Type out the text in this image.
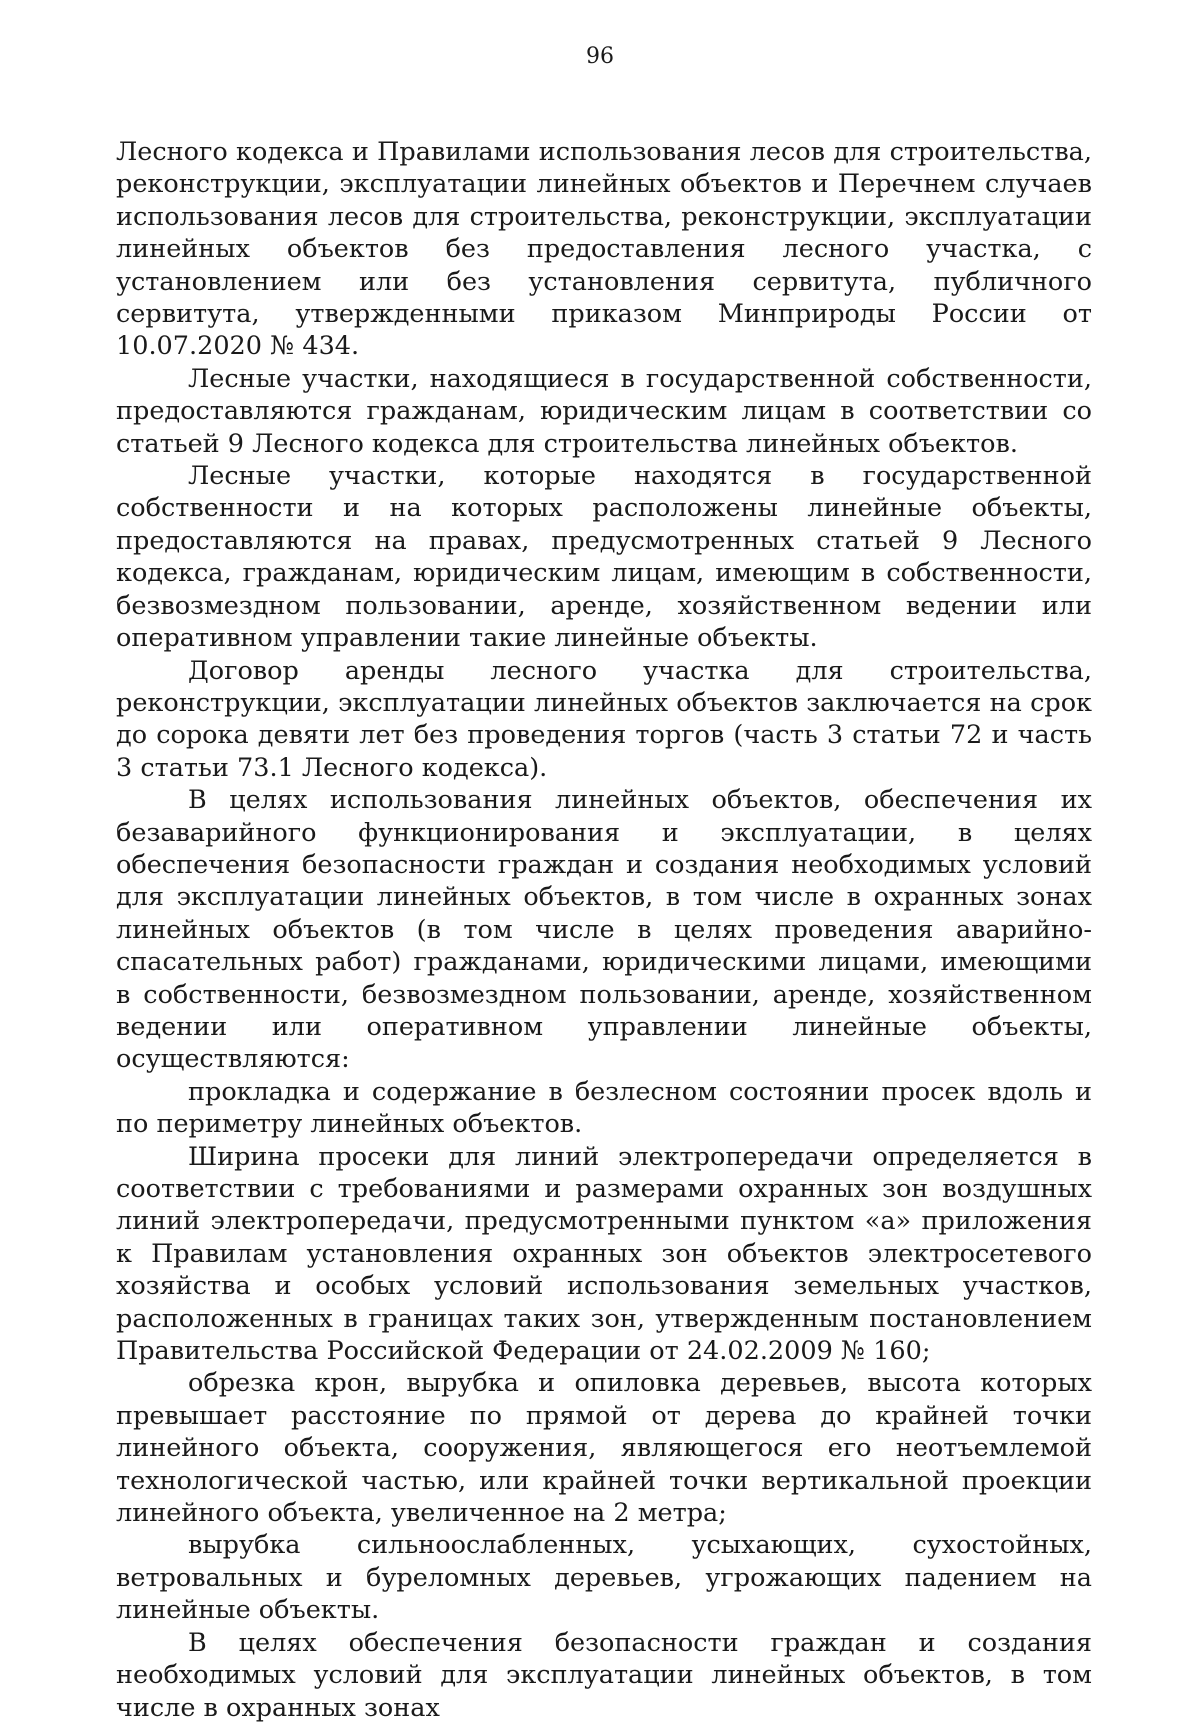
96

Лесного кодекса и Правилами использования лесов для строительства, реконструкции, эксплуатации линейных объектов и Перечнем случаев использования лесов для строительства, реконструкции, эксплуатации линейных объектов без предоставления лесного участка, с установлением или без установления сервитута, публичного сервитута, утвержденными приказом Минприроды России от 10.07.2020 № 434.

Лесные участки, находящиеся в государственной собственности, предоставляются гражданам, юридическим лицам в соответствии со статьей 9 Лесного кодекса для строительства линейных объектов.

Лесные участки, которые находятся в государственной собственности и на которых расположены линейные объекты, предоставляются на правах, предусмотренных статьей 9 Лесного кодекса, гражданам, юридическим лицам, имеющим в собственности, безвозмездном пользовании, аренде, хозяйственном ведении или оперативном управлении такие линейные объекты.

Договор аренды лесного участка для строительства, реконструкции, эксплуатации линейных объектов заключается на срок до сорока девяти лет без проведения торгов (часть 3 статьи 72 и часть 3 статьи 73.1 Лесного кодекса).

В целях использования линейных объектов, обеспечения их безаварийного функционирования и эксплуатации, в целях обеспечения безопасности граждан и создания необходимых условий для эксплуатации линейных объектов, в том числе в охранных зонах линейных объектов (в том числе в целях проведения аварийно-спасательных работ) гражданами, юридическими лицами, имеющими в собственности, безвозмездном пользовании, аренде, хозяйственном ведении или оперативном управлении линейные объекты, осуществляются:

прокладка и содержание в безлесном состоянии просек вдоль и по периметру линейных объектов.

Ширина просеки для линий электропередачи определяется в соответствии с требованиями и размерами охранных зон воздушных линий электропередачи, предусмотренными пунктом «а» приложения к Правилам установления охранных зон объектов электросетевого хозяйства и особых условий использования земельных участков, расположенных в границах таких зон, утвержденным постановлением Правительства Российской Федерации от 24.02.2009 № 160;

обрезка крон, вырубка и опиловка деревьев, высота которых превышает расстояние по прямой от дерева до крайней точки линейного объекта, сооружения, являющегося его неотъемлемой технологической частью, или крайней точки вертикальной проекции линейного объекта, увеличенное на 2 метра;

вырубка сильноослабленных, усыхающих, сухостойных, ветровальных и буреломных деревьев, угрожающих падением на линейные объекты.

В целях обеспечения безопасности граждан и создания необходимых условий для эксплуатации линейных объектов, в том числе в охранных зонах
